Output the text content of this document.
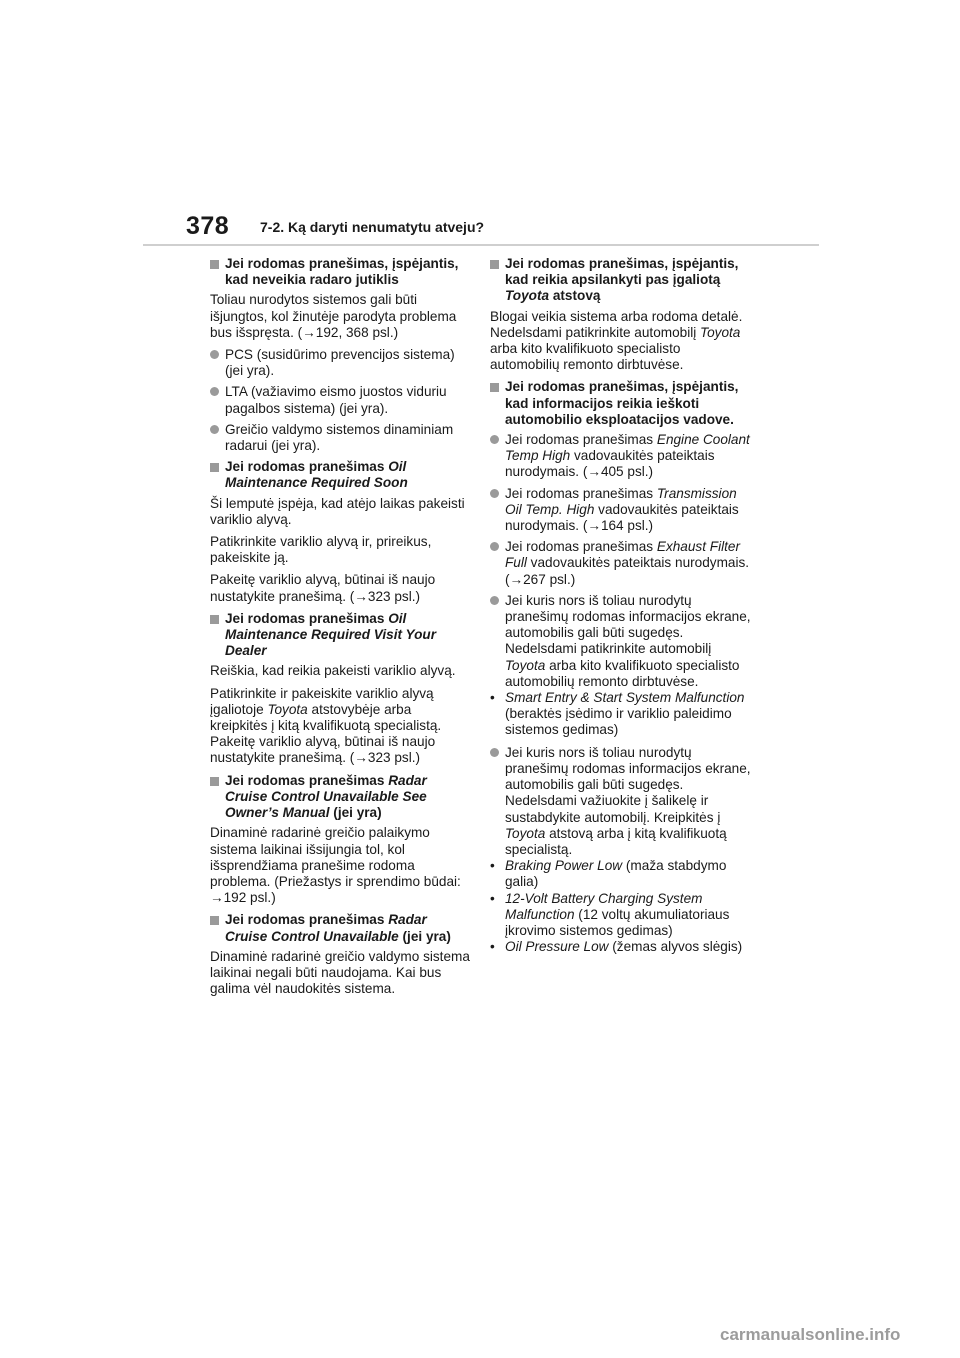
378 7-2. Ką daryti nenumatytu atveju?
Jei rodomas pranešimas, įspėjantis, kad neveikia radaro jutiklis
Toliau nurodytos sistemos gali būti išjungtos, kol žinutėje parodyta problema bus išspręsta. (→192, 368 psl.)
PCS (susidūrimo prevencijos sistema) (jei yra).
LTA (važiavimo eismo juostos viduriu pagalbos sistema) (jei yra).
Greičio valdymo sistemos dinaminiam radarui (jei yra).
Jei rodomas pranešimas Oil Maintenance Required Soon
Ši lemputė įspėja, kad atėjo laikas pakeisti variklio alyvą.
Patikrinkite variklio alyvą ir, prireikus, pakeiskite ją.
Pakeitę variklio alyvą, būtinai iš naujo nustatykite pranešimą. (→323 psl.)
Jei rodomas pranešimas Oil Maintenance Required Visit Your Dealer
Reiškia, kad reikia pakeisti variklio alyvą.
Patikrinkite ir pakeiskite variklio alyvą įgaliotoje Toyota atstovybėje arba kreipkitės į kitą kvalifikuotą specialistą. Pakeitę variklio alyvą, būtinai iš naujo nustatykite pranešimą. (→323 psl.)
Jei rodomas pranešimas Radar Cruise Control Unavailable See Owner’s Manual (jei yra)
Dinaminė radarinė greičio palaikymo sistema laikinai išsijungia tol, kol išsprendžiama pranešime rodoma problema. (Priežastys ir sprendimo būdai: →192 psl.)
Jei rodomas pranešimas Radar Cruise Control Unavailable (jei yra)
Dinaminė radarinė greičio valdymo sistema laikinai negali būti naudojama. Kai bus galima vėl naudokitės sistema.
Jei rodomas pranešimas, įspėjantis, kad reikia apsilankyti pas įgaliotą Toyota atstovą
Blogai veikia sistema arba rodoma detalė. Nedelsdami patikrinkite automobilį Toyota arba kito kvalifikuoto specialisto automobilių remonto dirbtuvėse.
Jei rodomas pranešimas, įspėjantis, kad informacijos reikia ieškoti automobilio eksploatacijos vadove.
Jei rodomas pranešimas Engine Coolant Temp High vadovaukitės pateiktais nurodymais. (→405 psl.)
Jei rodomas pranešimas Transmission Oil Temp. High vadovaukitės pateiktais nurodymais. (→164 psl.)
Jei rodomas pranešimas Exhaust Filter Full vadovaukitės pateiktais nurodymais. (→267 psl.)
Jei kuris nors iš toliau nurodytų pranešimų rodomas informacijos ekrane, automobilis gali būti sugedęs. Nedelsdami patikrinkite automobilį Toyota arba kito kvalifikuoto specialisto automobilių remonto dirbtuvėse.
• Smart Entry & Start System Malfunction (beraktės įsėdimo ir variklio paleidimo sistemos gedimas)
Jei kuris nors iš toliau nurodytų pranešimų rodomas informacijos ekrane, automobilis gali būti sugedęs. Nedelsdami važiuokite į šalikelę ir sustabdykite automobilį. Kreipkitės į Toyota atstovą arba į kitą kvalifikuotą specialistą.
• Braking Power Low (maža stabdymo galia)
• 12-Volt Battery Charging System Malfunction (12 voltų akumuliatoriaus įkrovimo sistemos gedimas)
• Oil Pressure Low (žemas alyvos slėgis)
carmanualsonline.info
